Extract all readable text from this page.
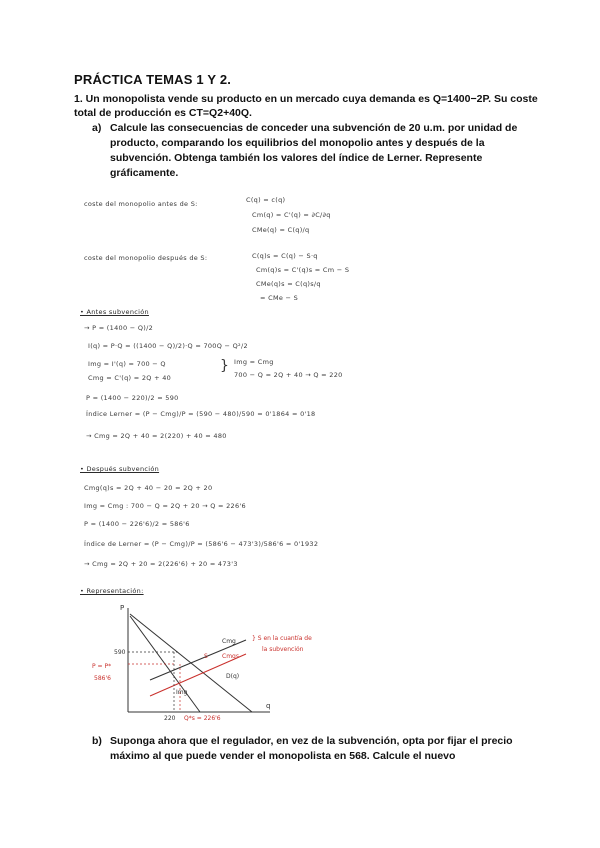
PRÁCTICA TEMAS 1 Y 2.
1. Un monopolista vende su producto en un mercado cuya demanda es Q=1400−2P. Su coste total de producción es CT=Q2+40Q.
a) Calcule las consecuencias de conceder una subvención de 20 u.m. por unidad de producto, comparando los equilibrios del monopolio antes y después de la subvención. Obtenga también los valores del índice de Lerner. Represente gráficamente.
coste del monopolio antes de S:	C(q) = c(q)
Cm(q) = C'(q) = ∂C/∂q
CMe(q) = C(q)/q
coste del monopolio después de S:	C(q)s = C(q) − S·q
Cm(q)s = C'(q)s = Cm − S
CMe(q)s = C(q)s/q
= CMe − S
• Antes subvención
→ P = (1400 − Q)/2
I(q) = P·Q = ((1400 − Q)/2)·Q = 700Q − Q²/2
Img = I'(q) = 700 − Q
Cmg = C'(q) = 2Q + 40
} Img = Cmg
700 − Q = 2Q + 40 → Q = 220
P = (1400 − 220)/2 = 590
Índice Lerner = (P − Cmg)/P = (590 − 480)/590 = 0'1864 = 0'18
→ Cmg = 2Q + 40 = 2(220) + 40 = 480
• Después subvención
Cmg(q)s = 2Q + 40 − 20 = 2Q + 20
Img = Cmg : 700 − Q = 2Q + 20 → Q = 226'6
P = (1400 − 226'6)/2 = 586'6
Índice de Lerner = (P − Cmg)/P = (586'6 − 473'3)/586'6 = 0'1932
→ Cmg = 2Q + 20 = 2(226'6) + 20 = 473'3
• Representación:
P
q
D(q)
Img
Cmg
Cmgs
S
} S en la cuantía de
la subvención
590
P = P*
586'6
220 Q*s = 226'6
b) Suponga ahora que el regulador, en vez de la subvención, opta por fijar el precio máximo al que puede vender el monopolista en 568. Calcule el nuevo
